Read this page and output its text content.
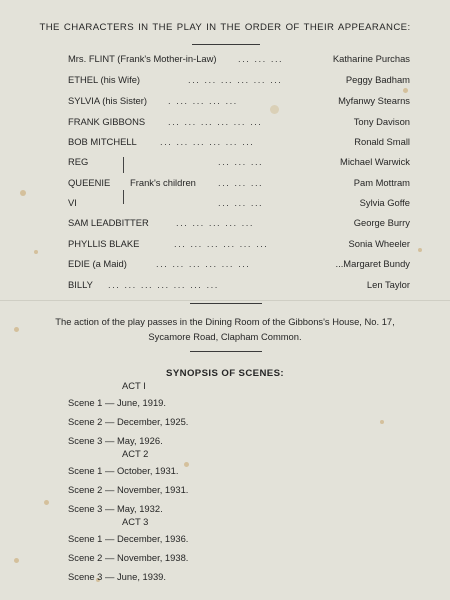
THE CHARACTERS IN THE PLAY IN THE ORDER OF THEIR APPEARANCE:
Mrs. FLINT (Frank's Mother-in-Law) ... ... ...	Katharine Purchas
ETHEL (his Wife)	... ... ... ... ... ...	Peggy Badham
SYLVIA (his Sister) . ... ... ... ...	Myfanwy Stearns
FRANK GIBBONS ... ... ... ... ... ...	Tony Davison
BOB MITCHELL ... ... ... ... ... ...	Ronald Small
REG	... ... ...	Michael Warwick
QUEENIE	... ... ...	Pam Mottram
VI	... ... ...	Sylvia Goffe
SAM LEADBITTER	... ... ... ... ...	George Burry
PHYLLIS BLAKE	... ... ... ... ... ...	Sonia Wheeler
EDIE (a Maid)	... ... ... ... ... ...	...Margaret Bundy
BILLY ... ... ... ... ... ... ...	Len Taylor
Frank's children
The action of the play passes in the Dining Room of the Gibbons's House, No. 17,
Sycamore Road, Clapham Common.
SYNOPSIS OF SCENES:
ACT I
Scene 1 — June, 1919.
Scene 2 — December, 1925.
Scene 3 — May, 1926.
ACT 2
Scene 1 — October, 1931.
Scene 2 — November, 1931.
Scene 3 — May, 1932.
ACT 3
Scene 1 — December, 1936.
Scene 2 — November, 1938.
Scene 3 — June, 1939.
